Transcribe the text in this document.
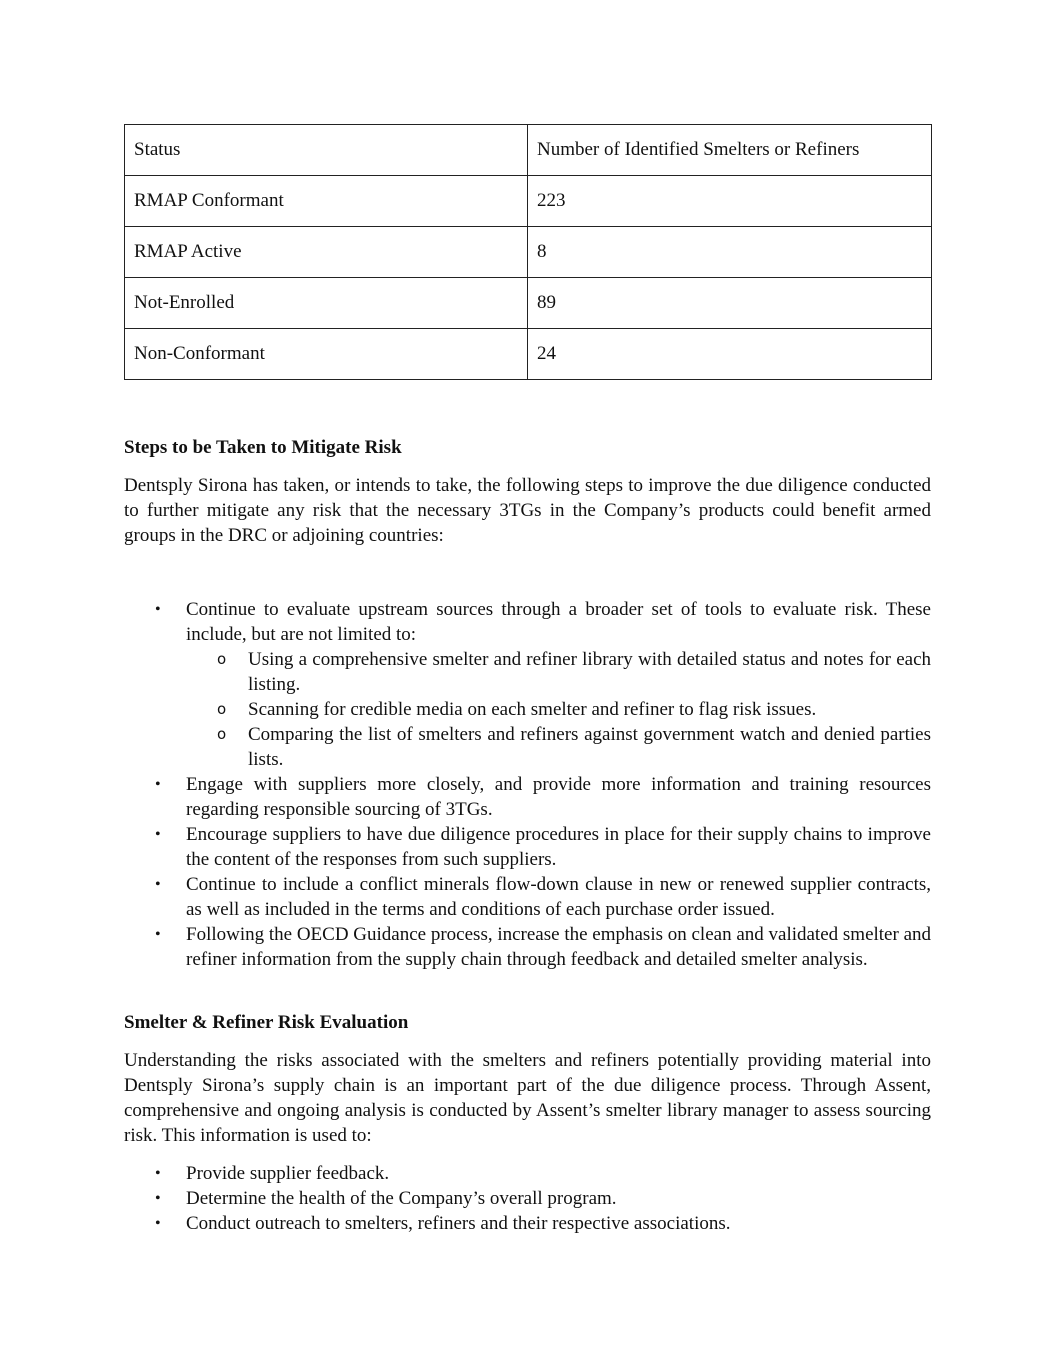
Status	Number of Identified Smelters or Refiners
RMAP Conformant	223
RMAP Active	8
Not-Enrolled	89
Non-Conformant	24
Steps to be Taken to Mitigate Risk

Dentsply Sirona has taken, or intends to take, the following steps to improve the due diligence conducted to further mitigate any risk that the necessary 3TGs in the Company’s products could benefit armed groups in the DRC or adjoining countries:

• Continue to evaluate upstream sources through a broader set of tools to evaluate risk. These include, but are not limited to:
o Using a comprehensive smelter and refiner library with detailed status and notes for each listing.
o Scanning for credible media on each smelter and refiner to flag risk issues.
o Comparing the list of smelters and refiners against government watch and denied parties lists.
• Engage with suppliers more closely, and provide more information and training resources regarding responsible sourcing of 3TGs.
• Encourage suppliers to have due diligence procedures in place for their supply chains to improve the content of the responses from such suppliers.
• Continue to include a conflict minerals flow-down clause in new or renewed supplier contracts, as well as included in the terms and conditions of each purchase order issued.
• Following the OECD Guidance process, increase the emphasis on clean and validated smelter and refiner information from the supply chain through feedback and detailed smelter analysis.
Smelter & Refiner Risk Evaluation

Understanding the risks associated with the smelters and refiners potentially providing material into Dentsply Sirona’s supply chain is an important part of the due diligence process. Through Assent, comprehensive and ongoing analysis is conducted by Assent’s smelter library manager to assess sourcing risk. This information is used to:

• Provide supplier feedback.
• Determine the health of the Company’s overall program.
• Conduct outreach to smelters, refiners and their respective associations.
